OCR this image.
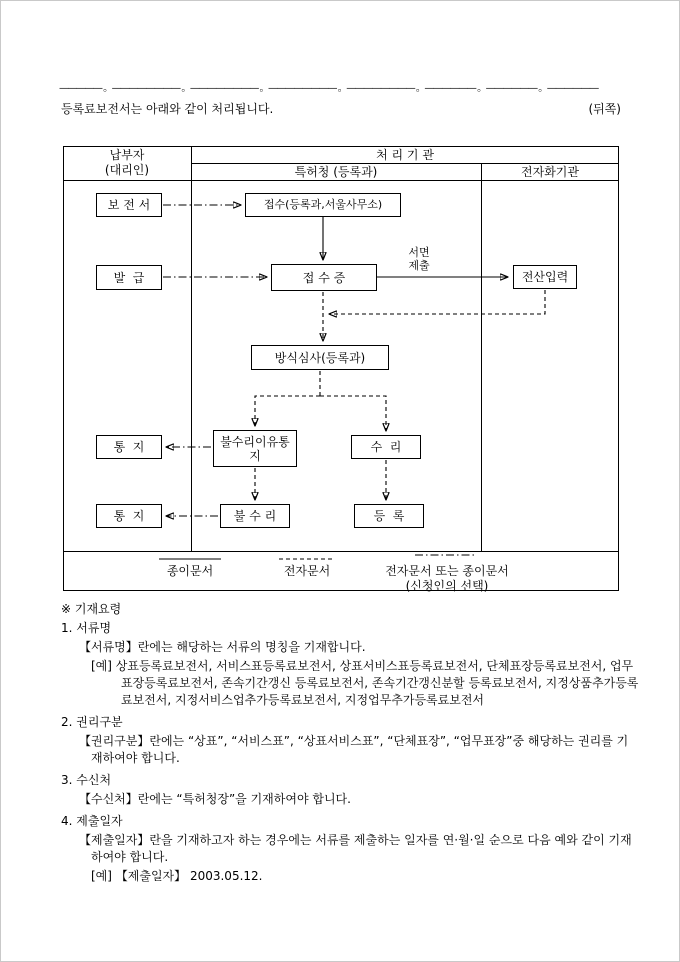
————— 。———————— 。———————— 。———————— 。———————— 。—————— 。—————— 。——————
등록료보전서는 아래와 같이 처리됩니다.	(뒤쪽)
납부자
(대리인)
처 리 기 관
특허청 (등록과)	전자화기관
보 전 서	접수(등록과,서울사무소)
발  급	접 수 증	전산입력
방식심사(등록과)
불수리이유통지
수  리
통  지
불 수 리	등  록
통  지
서면
제출
종이문서	전자문서	전자문서 또는 종이문서
(신청인의 선택)
※ 기재요령
1. 서류명
【서류명】란에는 해당하는 서류의 명칭을 기재합니다.
[예] 상표등록료보전서, 서비스표등록료보전서, 상표서비스표등록료보전서, 단체표장등록료보전서, 업무표장등록료보전서, 존속기간갱신 등록료보전서, 존속기간갱신분할 등록료보전서, 지정상품추가등록료보전서, 지정서비스업추가등록료보전서, 지정업무추가등록료보전서
2. 권리구분
【권리구분】란에는 “상표”, “서비스표”, “상표서비스표”, “단체표장”, “업무표장”중 해당하는 권리를 기재하여야 합니다.
3. 수신처
【수신처】란에는 “특허청장”을 기재하여야 합니다.
4. 제출일자
【제출일자】란을 기재하고자 하는 경우에는 서류를 제출하는 일자를 연·월·일 순으로 다음 예와 같이 기재하여야 합니다.
[예] 【제출일자】 2003.05.12.
